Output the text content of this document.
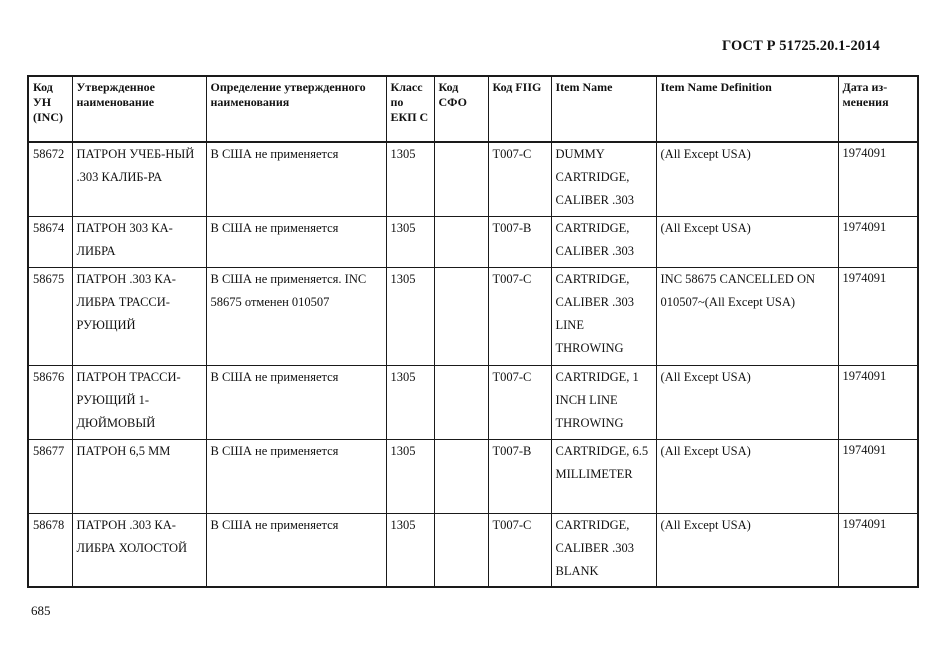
ГОСТ Р 51725.20.1-2014
Код УН (INC)	Утвержденное наименование	Определение утвержденного наименования	Класс по ЕКП С	Код СФО	Код FIIG	Item Name	Item Name Definition	Дата из-менения
58672	ПАТРОН УЧЕБ-НЫЙ .303 КАЛИБ-РА	В США не применяется	1305		T007-C	DUMMY CARTRIDGE, CALIBER .303	(All Except USA)	1974091
58674	ПАТРОН 303 КА-ЛИБРА	В США не применяется	1305		T007-B	CARTRIDGE, CALIBER .303	(All Except USA)	1974091
58675	ПАТРОН .303 КА-ЛИБРА ТРАССИ-РУЮЩИЙ	В США не применяется. INC 58675 отменен 010507	1305		T007-C	CARTRIDGE, CALIBER .303 LINE THROWING	INC 58675 CANCELLED ON 010507~(All Except USA)	1974091
58676	ПАТРОН ТРАССИ-РУЮЩИЙ 1-ДЮЙМОВЫЙ	В США не применяется	1305		T007-C	CARTRIDGE, 1 INCH LINE THROWING	(All Except USA)	1974091
58677	ПАТРОН 6,5 ММ	В США не применяется	1305		T007-B	CARTRIDGE, 6.5 MILLIMETER	(All Except USA)	1974091
58678	ПАТРОН .303 КА-ЛИБРА ХОЛОСТОЙ	В США не применяется	1305		T007-C	CARTRIDGE, CALIBER .303 BLANK	(All Except USA)	1974091
685
